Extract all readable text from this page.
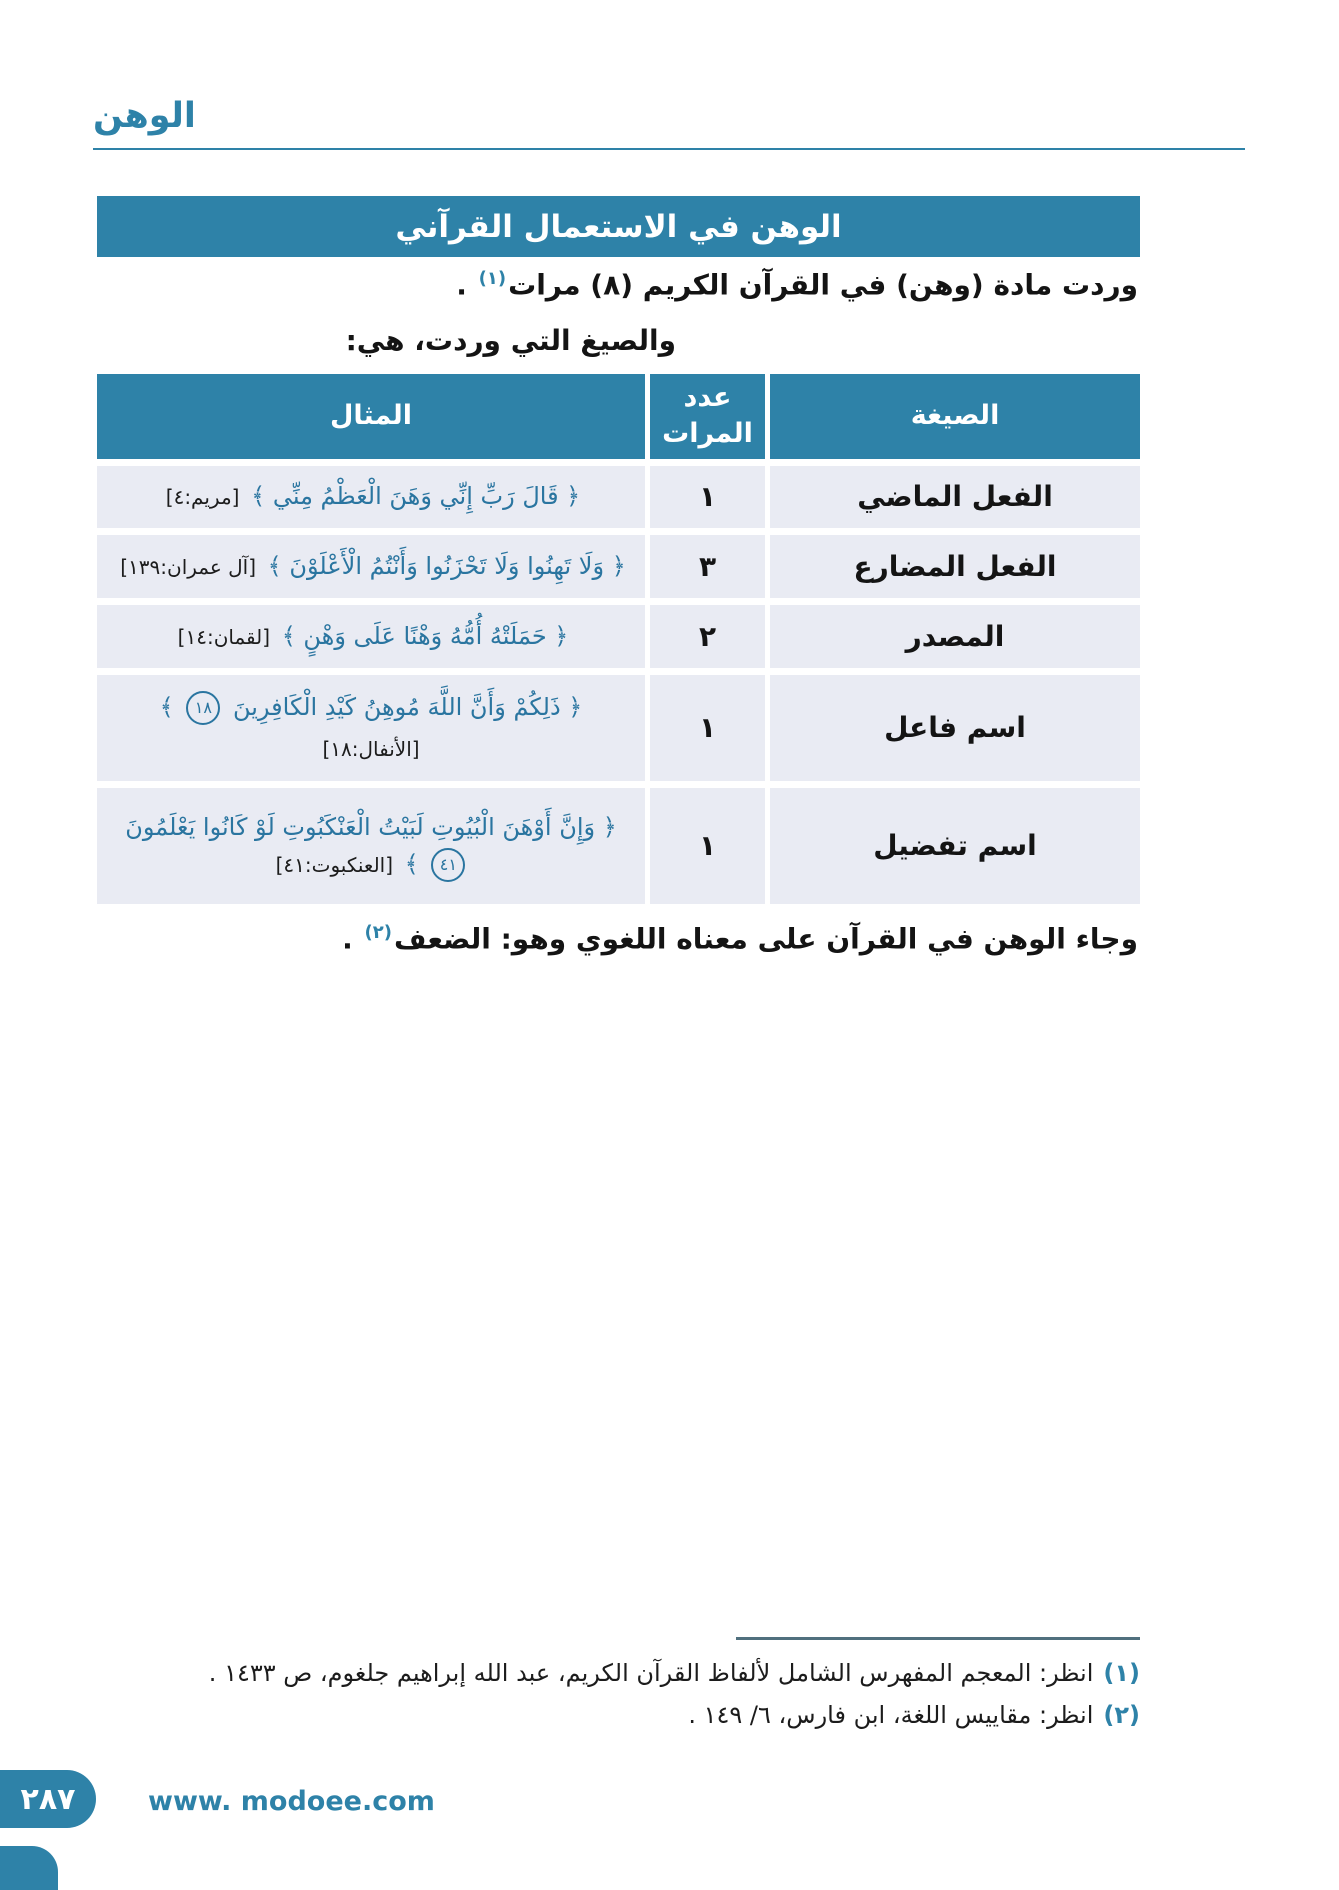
الوهن
الوهن في الاستعمال القرآني

وردت مادة (وهن) في القرآن الكريم (٨) مرات$^{(١)}$ .

والصيغ التي وردت، هي:

الصيغة
عدد المرات
المثال
الفعل الماضي
١
﴿ قَالَ رَبِّ إِنِّي وَهَنَ الْعَظْمُ مِنِّي ﴾ [مريم:٤]
الفعل المضارع
٣
﴿ وَلَا تَهِنُوا وَلَا تَحْزَنُوا وَأَنْتُمُ الْأَعْلَوْنَ ﴾ [آل عمران:١٣٩]
المصدر
٢
﴿ حَمَلَتْهُ أُمُّهُ وَهْنًا عَلَى وَهْنٍ ﴾ [لقمان:١٤]
اسم فاعل
١
﴿ ذَلِكُمْ وَأَنَّ اللَّهَ مُوهِنُ كَيْدِ الْكَافِرِينَ ١٨ ﴾
[الأنفال:١٨]
اسم تفضيل
١
﴿ وَإِنَّ أَوْهَنَ الْبُيُوتِ لَبَيْتُ الْعَنْكَبُوتِ لَوْ كَانُوا يَعْلَمُونَ ٤١ ﴾ [العنكبوت:٤١]

وجاء الوهن في القرآن على معناه اللغوي وهو: الضعف$^{(٢)}$ .

(١)انظر: المعجم المفهرس الشامل لألفاظ القرآن الكريم، عبد الله إبراهيم جلغوم، ص ١٤٣٣ .

(٢)انظر: مقاييس اللغة، ابن فارس، ٦/ ١٤٩ .

٢٨٧	www. modoee.com
